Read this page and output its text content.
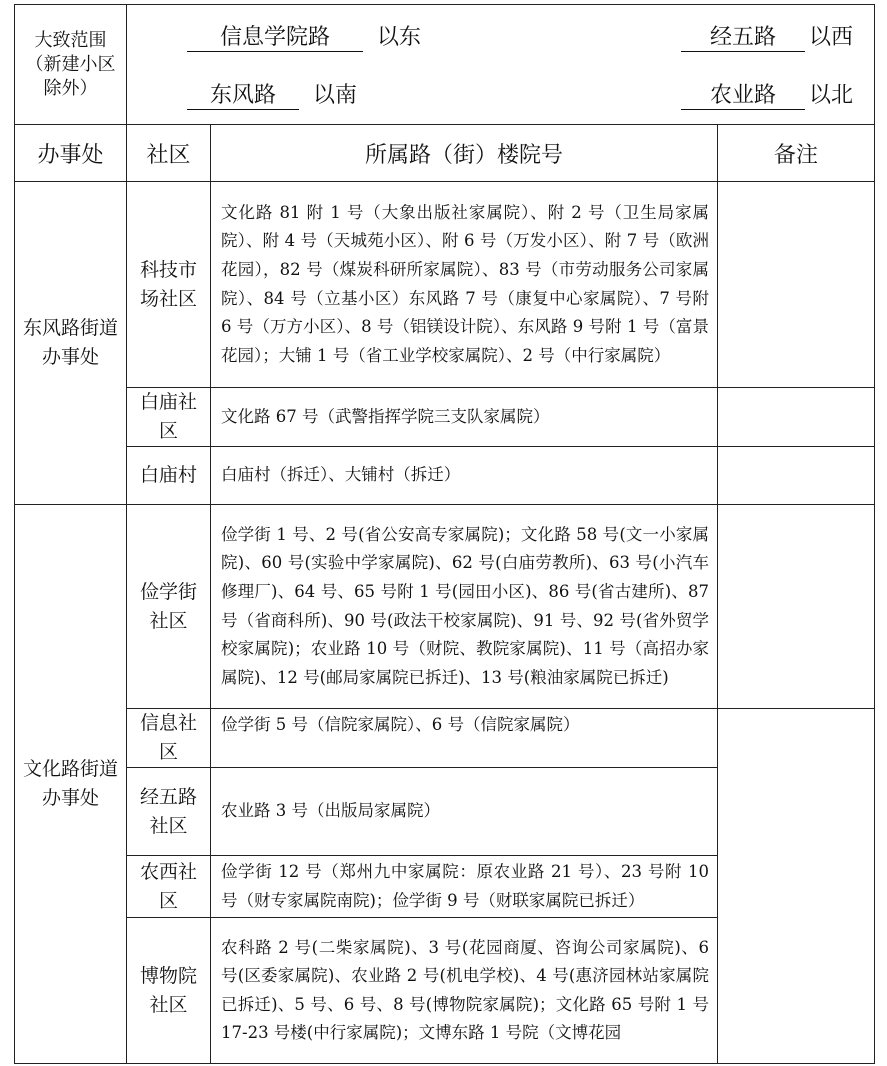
大致范围（新建小区除外）	信息学院路 以东 经五路 以西
东风路 以南 农业路 以北		

办事处	社区	所属路（街）楼院号	备注
东风路街道办事处	科技市场社区	文化路 81 附 1 号（大象出版社家属院）、附 2 号（卫生局家属院）、附 4 号（天城苑小区）、附 6 号（万发小区）、附 7 号（欧洲花园），82 号（煤炭科研所家属院）、83 号（市劳动服务公司家属院）、84 号（立基小区）东风路 7 号（康复中心家属院）、7 号附 6 号（万方小区）、8 号（铝镁设计院）、东风路 9 号附 1 号（富景花园）；大铺 1 号（省工业学校家属院）、2 号（中行家属院）	
	白庙社区	文化路 67 号（武警指挥学院三支队家属院）	
	白庙村	白庙村（拆迁）、大铺村（拆迁）	
文化路街道办事处	俭学街社区	俭学街 1 号、2 号(省公安高专家属院)；文化路 58 号(文一小家属院)、60 号(实验中学家属院)、62 号(白庙劳教所)、63 号(小汽车修理厂)、64 号、65 号附 1 号(园田小区)、86 号(省古建所)、87 号（省商科所)、90 号(政法干校家属院)、91 号、92 号(省外贸学校家属院)；农业路 10 号（财院、教院家属院)、11 号（高招办家属院)、12 号(邮局家属院已拆迁)、13 号(粮油家属院已拆迁)	
	信息社区	俭学街 5 号（信院家属院）、6 号（信院家属院）	
	经五路社区	农业路 3 号（出版局家属院）	
	农西社区	俭学街 12 号（郑州九中家属院：原农业路 21 号）、23 号附 10 号（财专家属院南院)；俭学街 9 号（财联家属院已拆迁）	
	博物院社区	农科路 2 号(二柴家属院)、3 号(花园商厦、咨询公司家属院)、6 号(区委家属院)、农业路 2 号(机电学校)、4 号(惠济园林站家属院已拆迁)、5 号、6 号、8 号(博物院家属院)；文化路 65 号附 1 号 17-23 号楼(中行家属院)；文博东路 1 号院（文博花园	
